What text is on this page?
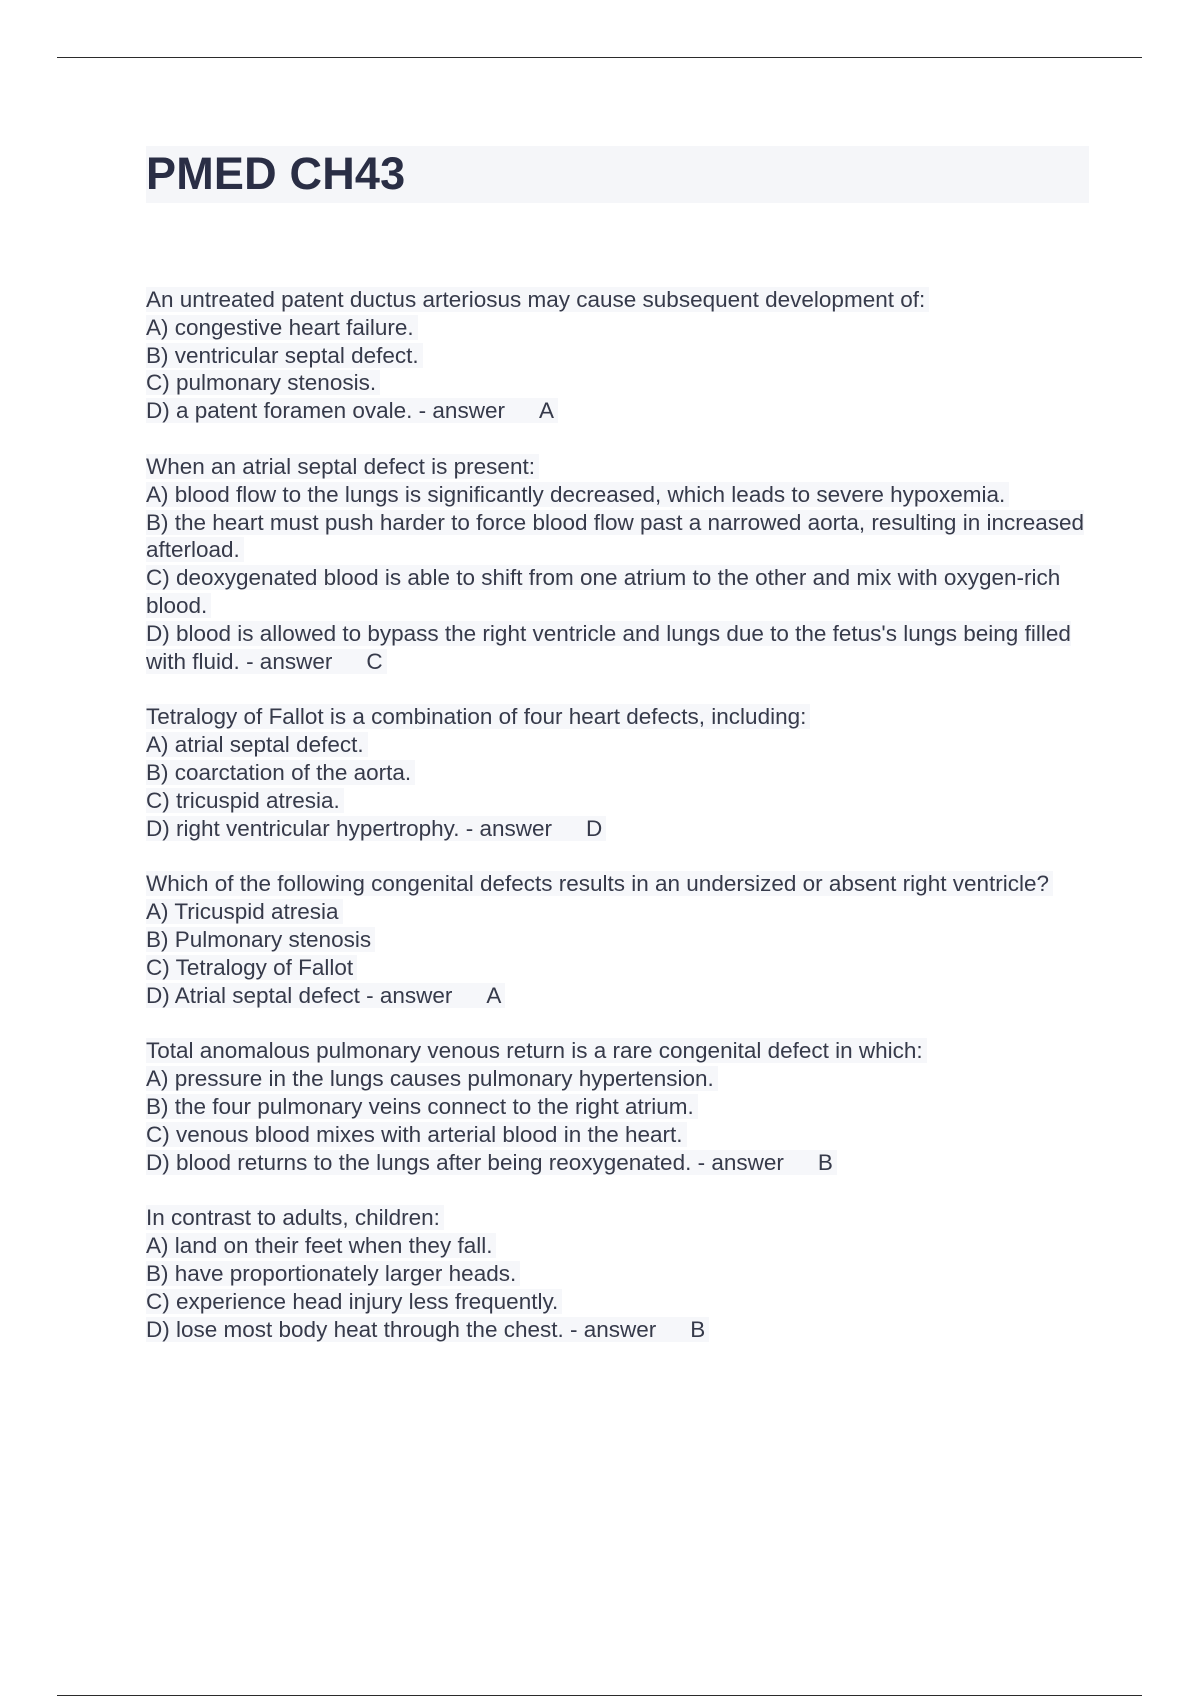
PMED CH43
An untreated patent ductus arteriosus may cause subsequent development of:
A) congestive heart failure.
B) ventricular septal defect.
C) pulmonary stenosis.
D) a patent foramen ovale. - answer A
When an atrial septal defect is present:
A) blood flow to the lungs is significantly decreased, which leads to severe hypoxemia.
B) the heart must push harder to force blood flow past a narrowed aorta, resulting in increased afterload.
C) deoxygenated blood is able to shift from one atrium to the other and mix with oxygen-rich blood.
D) blood is allowed to bypass the right ventricle and lungs due to the fetus's lungs being filled with fluid. - answer C
Tetralogy of Fallot is a combination of four heart defects, including:
A) atrial septal defect.
B) coarctation of the aorta.
C) tricuspid atresia.
D) right ventricular hypertrophy. - answer D
Which of the following congenital defects results in an undersized or absent right ventricle?
A) Tricuspid atresia
B) Pulmonary stenosis
C) Tetralogy of Fallot
D) Atrial septal defect - answer A
Total anomalous pulmonary venous return is a rare congenital defect in which:
A) pressure in the lungs causes pulmonary hypertension.
B) the four pulmonary veins connect to the right atrium.
C) venous blood mixes with arterial blood in the heart.
D) blood returns to the lungs after being reoxygenated. - answer B
In contrast to adults, children:
A) land on their feet when they fall.
B) have proportionately larger heads.
C) experience head injury less frequently.
D) lose most body heat through the chest. - answer B
